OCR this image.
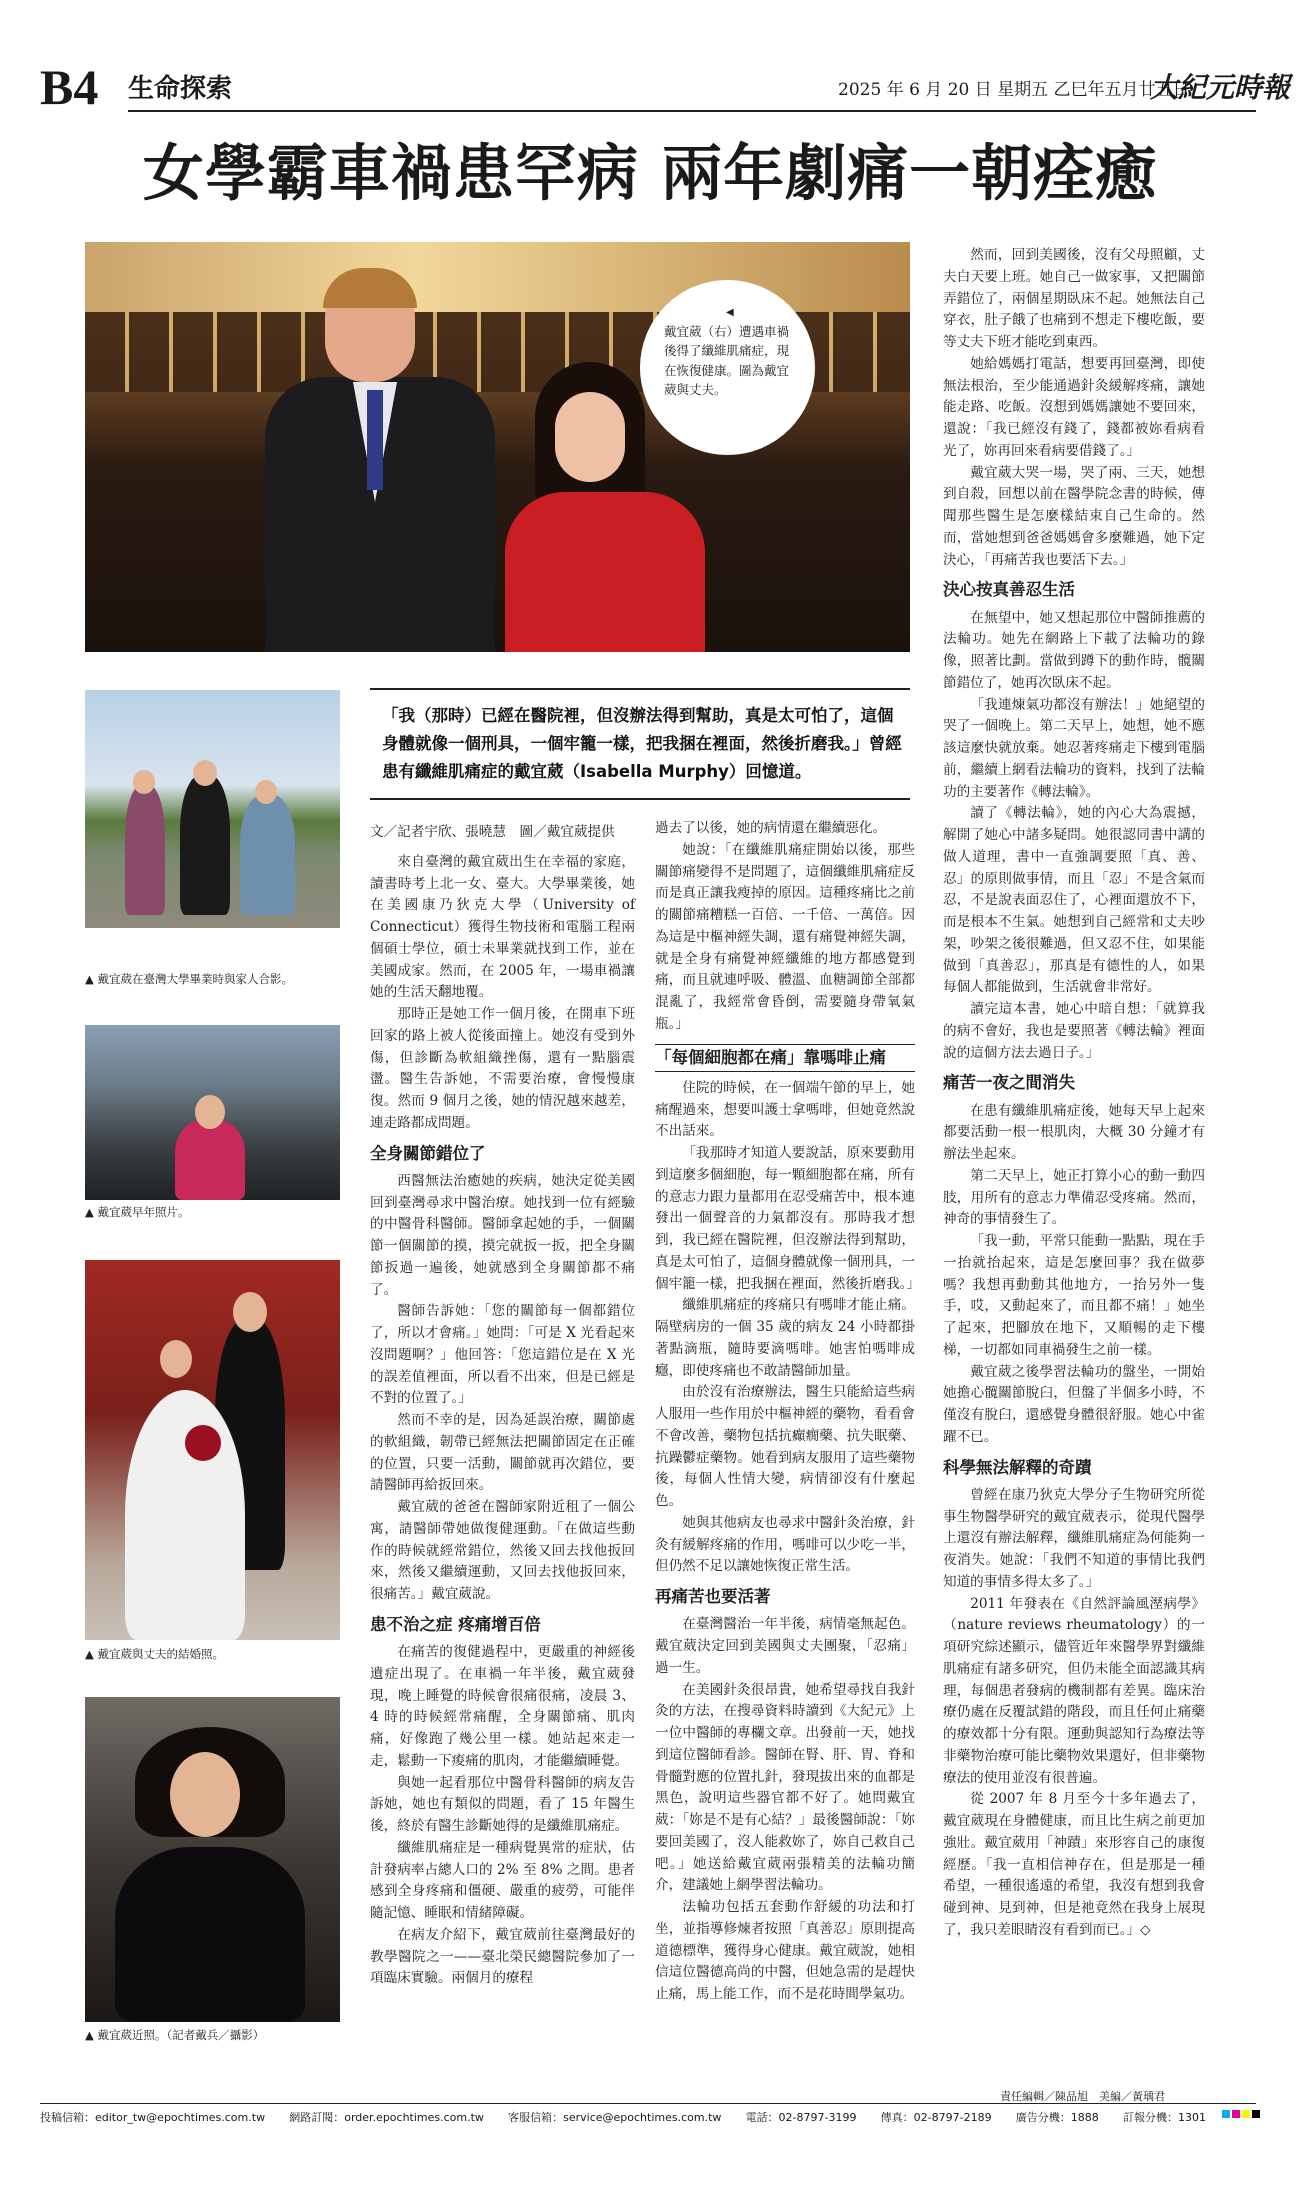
B4 生命探索	2025 年 6 月 20 日 星期五 乙巳年五月廿五日
大紀元時報
女學霸車禍患罕病 兩年劇痛一朝痊癒
◀
戴宜葳（右）遭遇車禍後得了纖維肌痛症，現在恢復健康。圖為戴宜葳與丈夫。
▲ 戴宜葳在臺灣大學畢業時與家人合影。
▲ 戴宜葳早年照片。
▲ 戴宜葳與丈夫的結婚照。
▲ 戴宜葳近照。（記者戴兵／攝影）
「我（那時）已經在醫院裡，但沒辦法得到幫助，真是太可怕了，這個身體就像一個刑具，一個牢籠一樣，把我捆在裡面，然後折磨我。」曾經患有纖維肌痛症的戴宜葳（Isabella Murphy）回憶道。

文／記者宇欣、張曉慧　圖／戴宜葳提供

來自臺灣的戴宜葳出生在幸福的家庭，讀書時考上北一女、臺大。大學畢業後，她在美國康乃狄克大學（University of Connecticut）獲得生物技術和電腦工程兩個碩士學位，碩士未畢業就找到工作，並在美國成家。然而，在 2005 年，一場車禍讓她的生活天翻地覆。

那時正是她工作一個月後，在開車下班回家的路上被人從後面撞上。她沒有受到外傷，但診斷為軟組織挫傷，還有一點腦震盪。醫生告訴她，不需要治療，會慢慢康復。然而 9 個月之後，她的情況越來越差，連走路都成問題。

全身關節錯位了

西醫無法治癒她的疾病，她決定從美國回到臺灣尋求中醫治療。她找到一位有經驗的中醫骨科醫師。醫師拿起她的手，一個關節一個關節的摸，摸完就扳一扳，把全身關節扳過一遍後，她就感到全身關節都不痛了。

醫師告訴她：「您的關節每一個都錯位了，所以才會痛。」她問：「可是 X 光看起來沒問題啊？」他回答：「您這錯位是在 X 光的誤差值裡面，所以看不出來，但是已經是不對的位置了。」

然而不幸的是，因為延誤治療，關節處的軟組織，韌帶已經無法把關節固定在正確的位置，只要一活動，關節就再次錯位，要請醫師再給扳回來。

戴宜葳的爸爸在醫師家附近租了一個公寓，請醫師帶她做復健運動。「在做這些動作的時候就經常錯位，然後又回去找他扳回來，然後又繼續運動，又回去找他扳回來，很痛苦。」戴宜葳說。

患不治之症 疼痛增百倍

在痛苦的復健過程中，更嚴重的神經後遺症出現了。在車禍一年半後，戴宜葳發現，晚上睡覺的時候會很痛很痛，凌晨 3、4 時的時候經常痛醒，全身關節痛、肌肉痛，好像跑了幾公里一樣。她站起來走一走，鬆動一下痠痛的肌肉，才能繼續睡覺。

與她一起看那位中醫骨科醫師的病友告訴她，她也有類似的問題，看了 15 年醫生後，終於有醫生診斷她得的是纖維肌痛症。

纖維肌痛症是一種病覺異常的症狀，估計發病率占總人口的 2% 至 8% 之間。患者感到全身疼痛和僵硬、嚴重的疲勞，可能伴隨記憶、睡眠和情緒障礙。

在病友介紹下，戴宜葳前往臺灣最好的教學醫院之一——臺北榮民總醫院參加了一項臨床實驗。兩個月的療程

過去了以後，她的病情還在繼續惡化。

她說：「在纖維肌痛症開始以後，那些關節痛變得不是問題了，這個纖維肌痛症反而是真正讓我瘦掉的原因。這種疼痛比之前的關節痛糟糕一百倍、一千倍、一萬倍。因為這是中樞神經失調，還有痛覺神經失調，就是全身有痛覺神經纖維的地方都感覺到痛，而且就連呼吸、體溫、血糖調節全部都混亂了，我經常會昏倒，需要隨身帶氧氣瓶。」

「每個細胞都在痛」靠嗎啡止痛

住院的時候，在一個端午節的早上，她痛醒過來，想要叫護士拿嗎啡，但她竟然說不出話來。

「我那時才知道人要說話，原來要動用到這麼多個細胞，每一顆細胞都在痛，所有的意志力跟力量都用在忍受痛苦中，根本連發出一個聲音的力氣都沒有。那時我才想到，我已經在醫院裡，但沒辦法得到幫助，真是太可怕了，這個身體就像一個刑具，一個牢籠一樣，把我捆在裡面，然後折磨我。」

纖維肌痛症的疼痛只有嗎啡才能止痛。隔壁病房的一個 35 歲的病友 24 小時都掛著點滴瓶，隨時要滴嗎啡。她害怕嗎啡成癮，即使疼痛也不敢請醫師加量。

由於沒有治療辦法，醫生只能給這些病人服用一些作用於中樞神經的藥物，看看會不會改善，藥物包括抗癲癇藥、抗失眠藥、抗躁鬱症藥物。她看到病友服用了這些藥物後，每個人性情大變，病情卻沒有什麼起色。

她與其他病友也尋求中醫針灸治療，針灸有緩解疼痛的作用，嗎啡可以少吃一半，但仍然不足以讓她恢復正常生活。

再痛苦也要活著

在臺灣醫治一年半後，病情毫無起色。戴宜葳決定回到美國與丈夫團聚，「忍痛」過一生。

在美國針灸很昂貴，她希望尋找自我針灸的方法，在搜尋資料時讀到《大紀元》上一位中醫師的專欄文章。出發前一天，她找到這位醫師看診。醫師在腎、肝、胃、脊和骨髓對應的位置扎針，發現拔出來的血都是黑色，說明這些器官都不好了。她問戴宜葳：「妳是不是有心結？」最後醫師說：「妳要回美國了，沒人能救妳了，妳自己救自己吧。」她送給戴宜葳兩張精美的法輪功簡介，建議她上網學習法輪功。

法輪功包括五套動作舒緩的功法和打坐，並指導修煉者按照「真善忍」原則提高道德標準，獲得身心健康。戴宜葳說，她相信這位醫德高尚的中醫，但她急需的是趕快止痛，馬上能工作，而不是花時間學氣功。

然而，回到美國後，沒有父母照顧，丈夫白天要上班。她自己一做家事，又把關節弄錯位了，兩個星期臥床不起。她無法自己穿衣，肚子餓了也痛到不想走下樓吃飯，要等丈夫下班才能吃到東西。

她給媽媽打電話，想要再回臺灣，即使無法根治，至少能通過針灸緩解疼痛，讓她能走路、吃飯。沒想到媽媽讓她不要回來，還說：「我已經沒有錢了，錢都被妳看病看光了，妳再回來看病要借錢了。」

戴宜葳大哭一場，哭了兩、三天，她想到自殺，回想以前在醫學院念書的時候，傳聞那些醫生是怎麼樣結束自己生命的。然而，當她想到爸爸媽媽會多麼難過，她下定決心，「再痛苦我也要活下去。」

決心按真善忍生活

在無望中，她又想起那位中醫師推薦的法輪功。她先在網路上下載了法輪功的錄像，照著比劃。當做到蹲下的動作時，髖關節錯位了，她再次臥床不起。

「我連煉氣功都沒有辦法！」她絕望的哭了一個晚上。第二天早上，她想，她不應該這麼快就放棄。她忍著疼痛走下樓到電腦前，繼續上網看法輪功的資料，找到了法輪功的主要著作《轉法輪》。

讀了《轉法輪》，她的內心大為震撼，解開了她心中諸多疑問。她很認同書中講的做人道理，書中一直強調要照「真、善、忍」的原則做事情，而且「忍」不是含氣而忍，不是說表面忍住了，心裡面還放不下，而是根本不生氣。她想到自己經常和丈夫吵架，吵架之後很難過，但又忍不住，如果能做到「真善忍」，那真是有德性的人，如果每個人都能做到，生活就會非常好。

讀完這本書，她心中暗自想：「就算我的病不會好，我也是要照著《轉法輪》裡面說的這個方法去過日子。」

痛苦一夜之間消失

在患有纖維肌痛症後，她每天早上起來都要活動一根一根肌肉，大概 30 分鐘才有辦法坐起來。

第二天早上，她正打算小心的動一動四肢，用所有的意志力準備忍受疼痛。然而，神奇的事情發生了。

「我一動，平常只能動一點點，現在手一抬就抬起來，這是怎麼回事？我在做夢嗎？我想再動動其他地方，一抬另外一隻手，哎，又動起來了，而且都不痛！」她坐了起來，把腳放在地下，又順暢的走下樓梯，一切都如同車禍發生之前一樣。

戴宜葳之後學習法輪功的盤坐，一開始她擔心髖關節脫臼，但盤了半個多小時，不僅沒有脫臼，還感覺身體很舒服。她心中雀躍不已。

科學無法解釋的奇蹟

曾經在康乃狄克大學分子生物研究所從事生物醫學研究的戴宜葳表示，從現代醫學上還沒有辦法解釋，纖維肌痛症為何能夠一夜消失。她說：「我們不知道的事情比我們知道的事情多得太多了。」

2011 年發表在《自然評論風溼病學》（nature reviews rheumatology）的一項研究綜述顯示，儘管近年來醫學界對纖維肌痛症有諸多研究，但仍未能全面認識其病理，每個患者發病的機制都有差異。臨床治療仍處在反覆試錯的階段，而且任何止痛藥的療效都十分有限。運動與認知行為療法等非藥物治療可能比藥物效果還好，但非藥物療法的使用並沒有很普遍。

從 2007 年 8 月至今十多年過去了，戴宜葳現在身體健康，而且比生病之前更加強壯。戴宜葳用「神蹟」來形容自己的康復經歷。「我一直相信神存在，但是那是一種希望，一種很遙遠的希望，我沒有想到我會碰到神、見到神，但是祂竟然在我身上展現了，我只差眼睛沒有看到而已。」◇

責任編輯／陳品旭　美編／黃瑀君
投稿信箱：editor_tw@epochtimes.com.tw 網路訂閱：order.epochtimes.com.tw 客服信箱：service@epochtimes.com.tw 電話：02-8797-3199 傳真：02-8797-2189 廣告分機：1888 訂報分機：1301
